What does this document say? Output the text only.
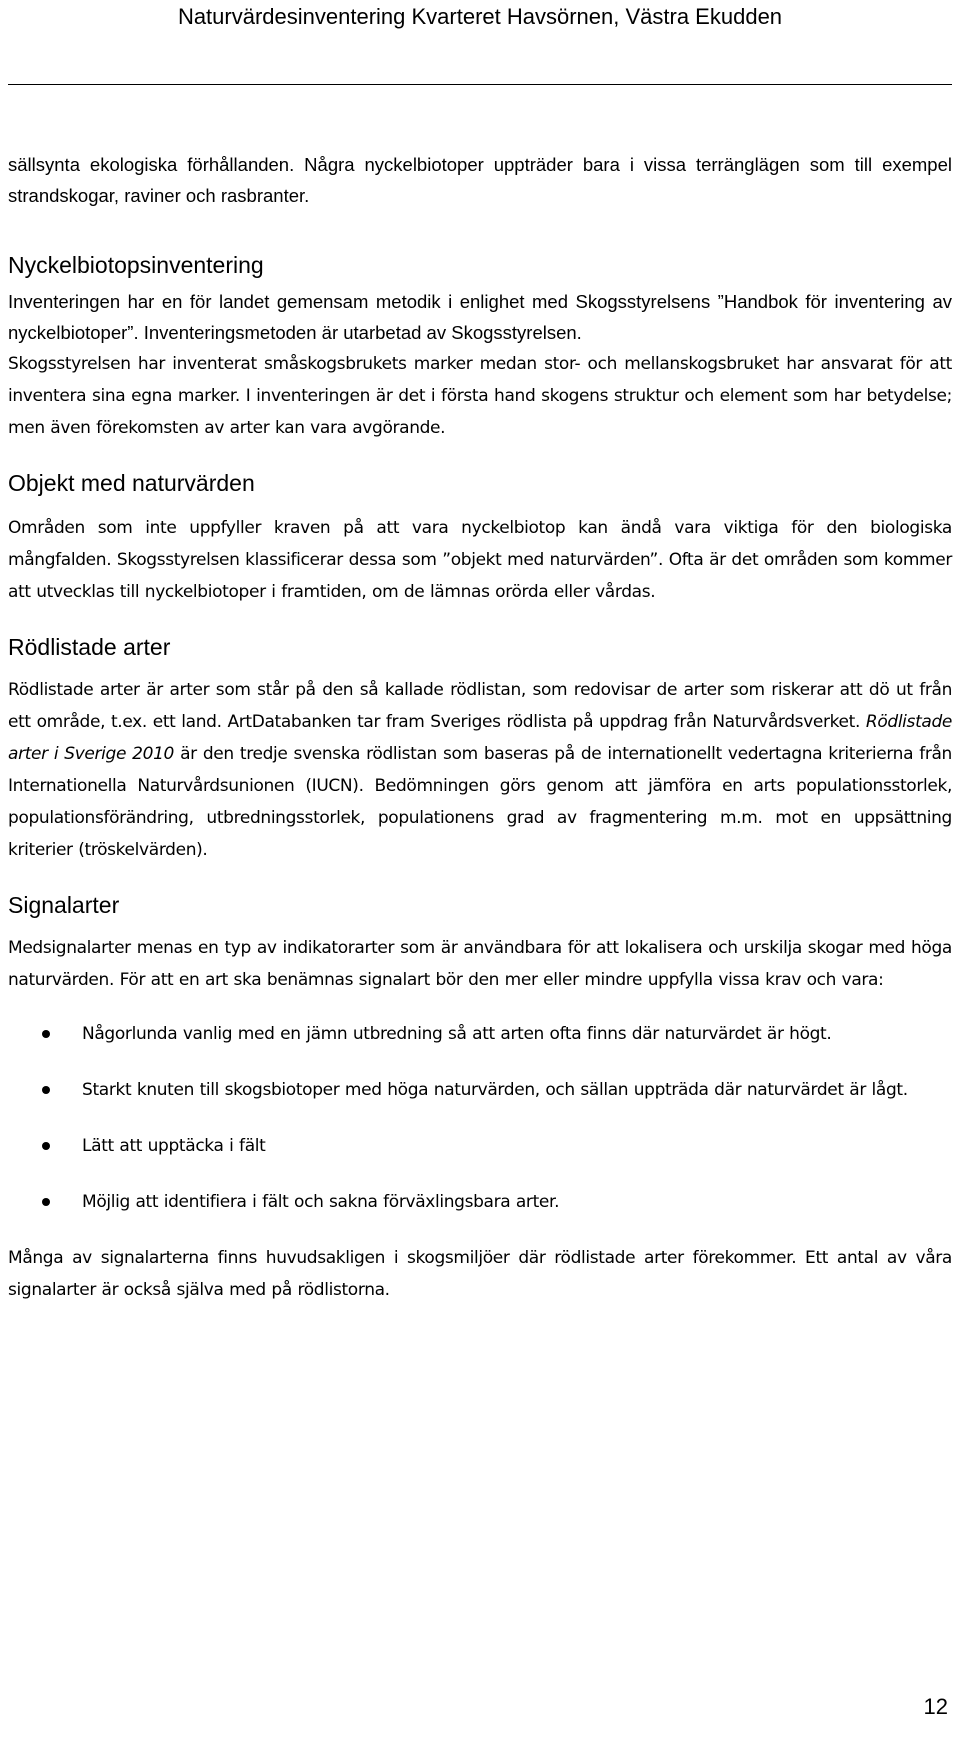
Naturvärdesinventering Kvarteret Havsörnen, Västra Ekudden

sällsynta ekologiska förhållanden. Några nyckelbiotoper uppträder bara i vissa terränglägen som till exempel strandskogar, raviner och rasbranter.

Nyckelbiotopsinventering

Inventeringen har en för landet gemensam metodik i enlighet med Skogsstyrelsens ”Handbok för inventering av nyckelbiotoper”. Inventeringsmetoden är utarbetad av Skogsstyrelsen.

Skogsstyrelsen har inventerat småskogsbrukets marker medan stor- och mellanskogsbruket har ansvarat för att inventera sina egna marker. I inventeringen är det i första hand skogens struktur och element som har betydelse; men även förekomsten av arter kan vara avgörande.

Objekt med naturvärden

Områden som inte uppfyller kraven på att vara nyckelbiotop kan ändå vara viktiga för den biologiska mångfalden. Skogsstyrelsen klassificerar dessa som ”objekt med naturvärden”. Ofta är det områden som kommer att utvecklas till nyckelbiotoper i framtiden, om de lämnas orörda eller vårdas.

Rödlistade arter

Rödlistade arter är arter som står på den så kallade rödlistan, som redovisar de arter som riskerar att dö ut från ett område, t.ex. ett land. ArtDatabanken tar fram Sveriges rödlista på uppdrag från Naturvårdsverket. Rödlistade arter i Sverige 2010 är den tredje svenska rödlistan som baseras på de internationellt vedertagna kriterierna från Internationella Naturvårdsunionen (IUCN). Bedömningen görs genom att jämföra en arts populationsstorlek, populationsförändring, utbredningsstorlek, populationens grad av fragmentering m.m. mot en uppsättning kriterier (tröskelvärden).

Signalarter

Medsignalarter menas en typ av indikatorarter som är användbara för att lokalisera och urskilja skogar med höga naturvärden. För att en art ska benämnas signalart bör den mer eller mindre uppfylla vissa krav och vara:

Någorlunda vanlig med en jämn utbredning så att arten ofta finns där naturvärdet är högt.
Starkt knuten till skogsbiotoper med höga naturvärden, och sällan uppträda där naturvärdet är lågt.
Lätt att upptäcka i fält
Möjlig att identifiera i fält och sakna förväxlingsbara arter.

Många av signalarterna finns huvudsakligen i skogsmiljöer där rödlistade arter förekommer. Ett antal av våra signalarter är också själva med på rödlistorna.

12
